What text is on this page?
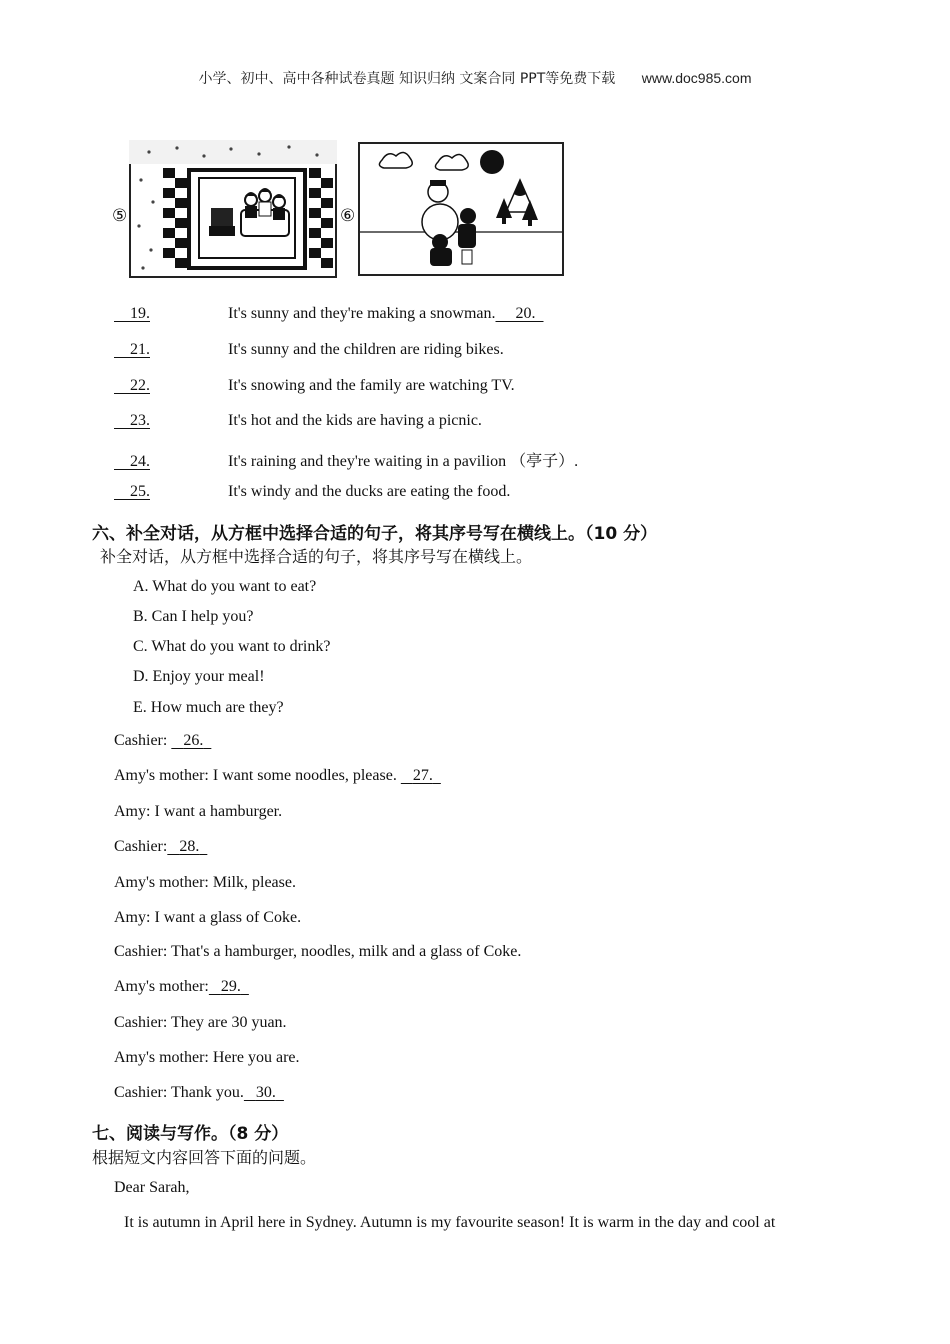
小学、初中、高中各种试卷真题 知识归纳 文案合同 PPT等免费下载 www.doc985.com
⑤	⑥
19.	It's sunny and they're making a snowman. 20.
21.	It's sunny and the children are riding bikes.
22.	It's snowing and the family are watching TV.
23.	It's hot and the kids are having a picnic.
24.	It's raining and they're waiting in a pavilion （亭子）.
25.	It's windy and the ducks are eating the food.
六、补全对话，从方框中选择合适的句子，将其序号写在横线上。（10 分）
补全对话，从方框中选择合适的句子，将其序号写在横线上。
A. What do you want to eat?
B. Can I help you?
C. What do you want to drink?
D. Enjoy your meal!
E. How much are they?
Cashier:    26.
Amy's mother: I want some noodles, please.    27.
Amy: I want a hamburger.
Cashier: 28.
Amy's mother: Milk, please.
Amy: I want a glass of Coke.
Cashier: That's a hamburger, noodles, milk and a glass of Coke.
Amy's mother: 29.
Cashier: They are 30 yuan.
Amy's mother: Here you are.
Cashier: Thank you. 30.
七、阅读与写作。（8 分）
根据短文内容回答下面的问题。
Dear Sarah,
It is autumn in April here in Sydney. Autumn is my favourite season! It is warm in the day and cool at
